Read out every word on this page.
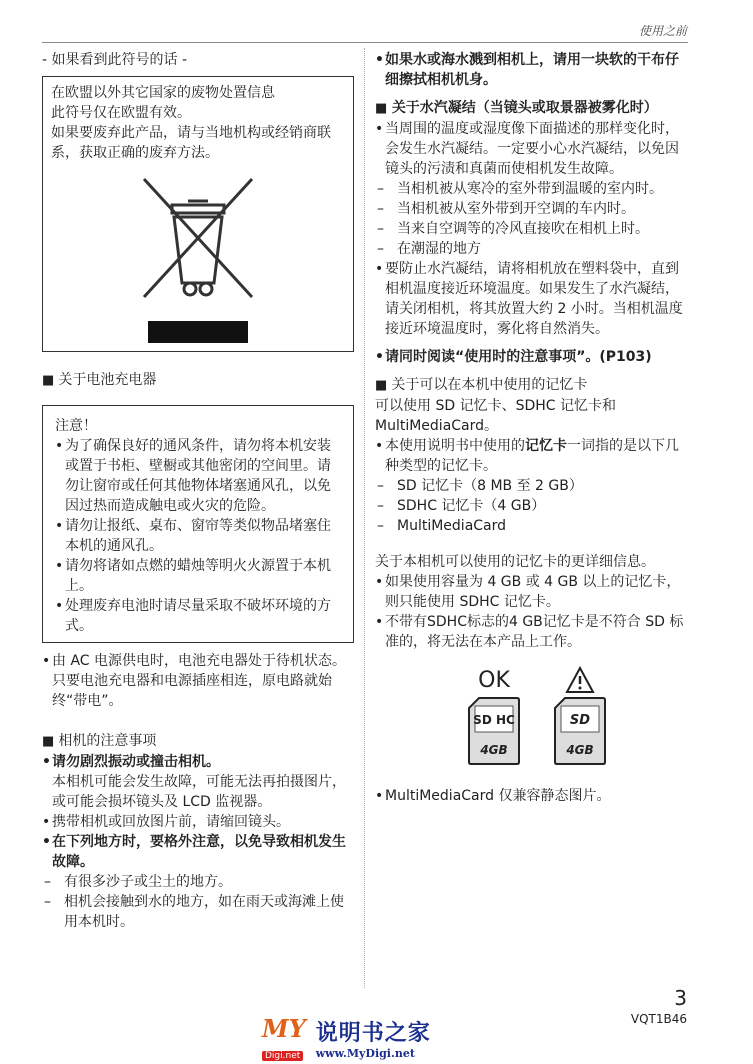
使用之前

- 如果看到此符号的话 -

在欧盟以外其它国家的废物处置信息

此符号仅在欧盟有效。

如果要废弃此产品，请与当地机构或经销商联系，获取正确的废弃方法。

■ 关于电池充电器

注意！

• 为了确保良好的通风条件，请勿将本机安装或置于书柜、壁橱或其他密闭的空间里。请勿让窗帘或任何其他物体堵塞通风孔，以免因过热而造成触电或火灾的危险。

• 请勿让报纸、桌布、窗帘等类似物品堵塞住本机的通风孔。

• 请勿将诸如点燃的蜡烛等明火火源置于本机上。

• 处理废弃电池时请尽量采取不破坏环境的方式。

• 由 AC 电源供电时，电池充电器处于待机状态。

只要电池充电器和电源插座相连，原电路就始终“带电”。

■ 相机的注意事项

• 请勿剧烈振动或撞击相机。

本相机可能会发生故障，可能无法再拍摄图片，或可能会损坏镜头及 LCD 监视器。

• 携带相机或回放图片前，请缩回镜头。

• 在下列地方时，要格外注意，以免导致相机发生故障。

– 有很多沙子或尘土的地方。

– 相机会接触到水的地方，如在雨天或海滩上使用本机时。

• 如果水或海水溅到相机上，请用一块软的干布仔细擦拭相机机身。

■ 关于水汽凝结（当镜头或取景器被雾化时）

• 当周围的温度或湿度像下面描述的那样变化时，会发生水汽凝结。一定要小心水汽凝结，以免因镜头的污渍和真菌而使相机发生故障。

– 当相机被从寒冷的室外带到温暖的室内时。

– 当相机被从室外带到开空调的车内时。

– 当来自空调等的冷风直接吹在相机上时。

– 在潮湿的地方

• 要防止水汽凝结，请将相机放在塑料袋中，直到相机温度接近环境温度。如果发生了水汽凝结，请关闭相机，将其放置大约 2 小时。当相机温度接近环境温度时，雾化将自然消失。

• 请同时阅读“使用时的注意事项”。(P103)

■ 关于可以在本机中使用的记忆卡

可以使用 SD 记忆卡、SDHC 记忆卡和 MultiMediaCard。

• 本使用说明书中使用的记忆卡一词指的是以下几种类型的记忆卡。

– SD 记忆卡（8 MB 至 2 GB）

– SDHC 记忆卡（4 GB）

– MultiMediaCard

关于本相机可以使用的记忆卡的更详细信息。

• 如果使用容量为 4 GB 或 4 GB 以上的记忆卡，则只能使用 SDHC 记忆卡。

• 不带有SDHC标志的4 GB记忆卡是不符合 SD 标准的，将无法在本产品上工作。

OK
SD HC
4GB
SD
4GB

• MultiMediaCard 仅兼容静态图片。

3
VQT1B46
MY
Digi.net
说明书之家
www.MyDigi.net
